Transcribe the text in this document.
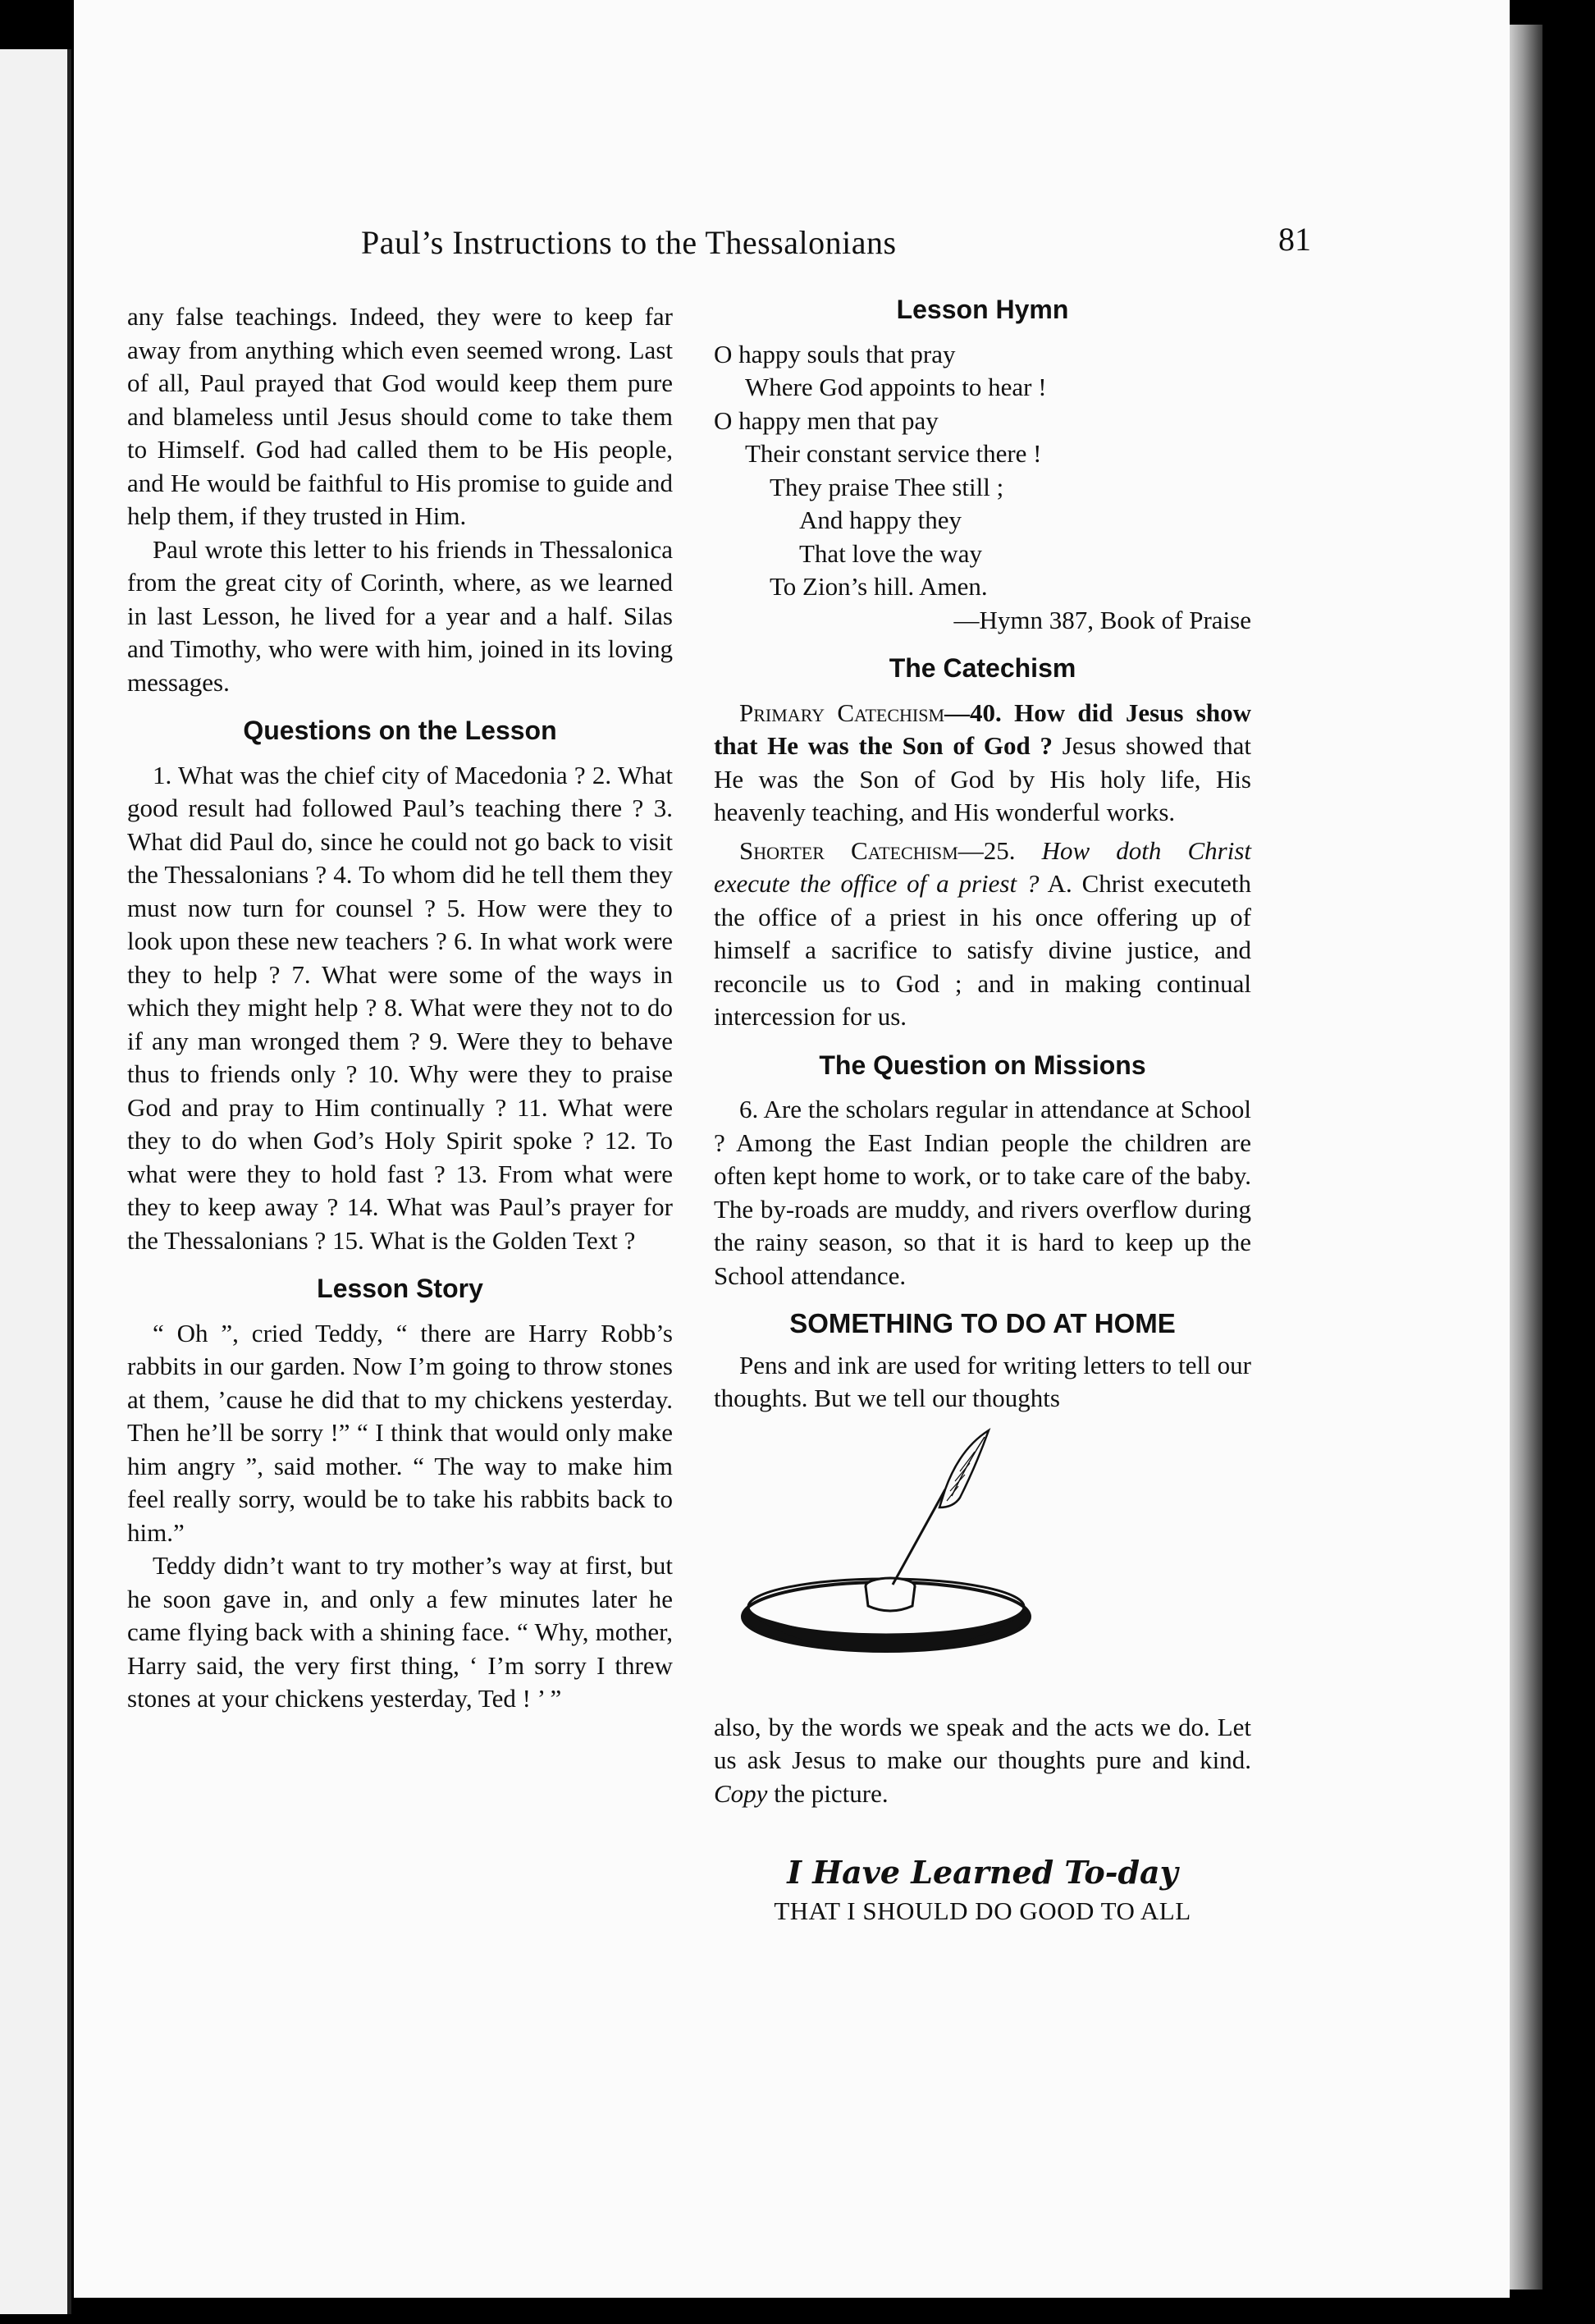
Paul’s Instructions to the Thessalonians	81

any false teachings. Indeed, they were to keep far away from anything which even seemed wrong. Last of all, Paul prayed that God would keep them pure and blameless until Jesus should come to take them to Himself. God had called them to be His people, and He would be faithful to His promise to guide and help them, if they trusted in Him.

Paul wrote this letter to his friends in Thessalonica from the great city of Corinth, where, as we learned in last Lesson, he lived for a year and a half. Silas and Timothy, who were with him, joined in its loving messages.

Questions on the Lesson

1. What was the chief city of Macedonia ? 2. What good result had followed Paul’s teaching there ? 3. What did Paul do, since he could not go back to visit the Thessalonians ? 4. To whom did he tell them they must now turn for counsel ? 5. How were they to look upon these new teachers ? 6. In what work were they to help ? 7. What were some of the ways in which they might help ? 8. What were they not to do if any man wronged them ? 9. Were they to behave thus to friends only ? 10. Why were they to praise God and pray to Him continually ? 11. What were they to do when God’s Holy Spirit spoke ? 12. To what were they to hold fast ? 13. From what were they to keep away ? 14. What was Paul’s prayer for the Thessalonians ? 15. What is the Golden Text ?

Lesson Story

“ Oh ”, cried Teddy, “ there are Harry Robb’s rabbits in our garden. Now I’m going to throw stones at them, ’cause he did that to my chickens yesterday. Then he’ll be sorry !” “ I think that would only make him angry ”, said mother. “ The way to make him feel really sorry, would be to take his rabbits back to him.”

Teddy didn’t want to try mother’s way at first, but he soon gave in, and only a few minutes later he came flying back with a shining face. “ Why, mother, Harry said, the very first thing, ‘ I’m sorry I threw stones at your chickens yesterday, Ted ! ’ ”

Lesson Hymn
O happy souls that pray
Where God appoints to hear !
O happy men that pay
Their constant service there !
They praise Thee still ;
And happy they
That love the way
To Zion’s hill. Amen.
—Hymn 387, Book of Praise
The Catechism

Primary Catechism—40. How did Jesus show that He was the Son of God ? Jesus showed that He was the Son of God by His holy life, His heavenly teaching, and His wonderful works.

Shorter Catechism—25. How doth Christ execute the office of a priest ? A. Christ executeth the office of a priest in his once offering up of himself a sacrifice to satisfy divine justice, and reconcile us to God ; and in making continual intercession for us.

The Question on Missions

6. Are the scholars regular in attendance at School ? Among the East Indian people the children are often kept home to work, or to take care of the baby. The by-roads are muddy, and rivers overflow during the rainy season, so that it is hard to keep up the School attendance.

SOMETHING TO DO AT HOME

Pens and ink are used for writing letters to tell our thoughts. But we tell our thoughts

also, by the words we speak and the acts we do. Let us ask Jesus to make our thoughts pure and kind. Copy the picture.

I Have Learned To-day
THAT I SHOULD DO GOOD TO ALL
